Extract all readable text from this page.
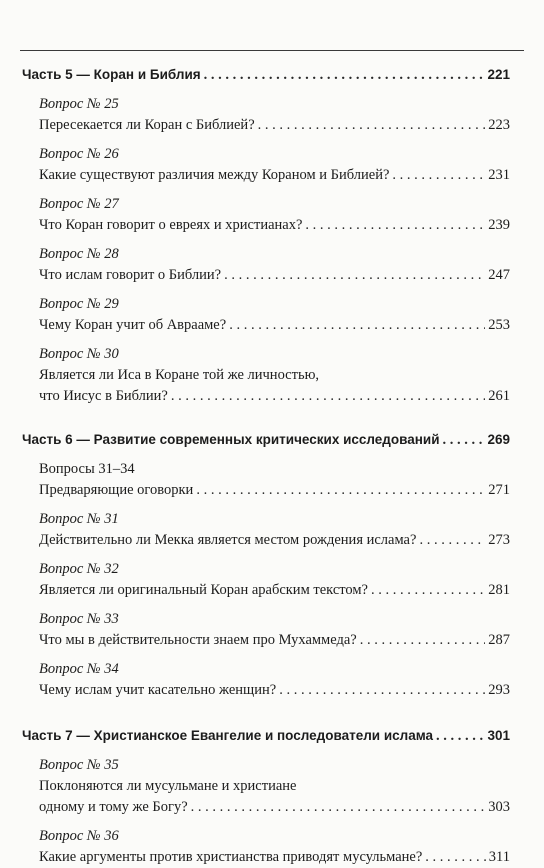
Часть 5 — Коран и Библия . . .	221
Вопрос № 25
Пересекается ли Коран с Библией? . . .	223
Вопрос № 26
Какие существуют различия между Кораном и Библией? . . .	231
Вопрос № 27
Что Коран говорит о евреях и христианах? . . .	239
Вопрос № 28
Что ислам говорит о Библии? . . .	247
Вопрос № 29
Чему Коран учит об Аврааме? . . .	253
Вопрос № 30
Является ли Иса в Коране той же личностью,
что Иисус в Библии? . . .	261
Часть 6 — Развитие современных критических исследований . . .	269
Вопросы 31–34
Предваряющие оговорки . . .	271
Вопрос № 31
Действительно ли Мекка является местом рождения ислама? . . .	273
Вопрос № 32
Является ли оригинальный Коран арабским текстом? . . .	281
Вопрос № 33
Что мы в действительности знаем про Мухаммеда? . . .	287
Вопрос № 34
Чему ислам учит касательно женщин? . . .	293
Часть 7 — Христианское Евангелие и последователи ислама . . .	301
Вопрос № 35
Поклоняются ли мусульмане и христиане
одному и тому же Богу? . . .	303
Вопрос № 36
Какие аргументы против христианства приводят мусульмане? . . .	311
